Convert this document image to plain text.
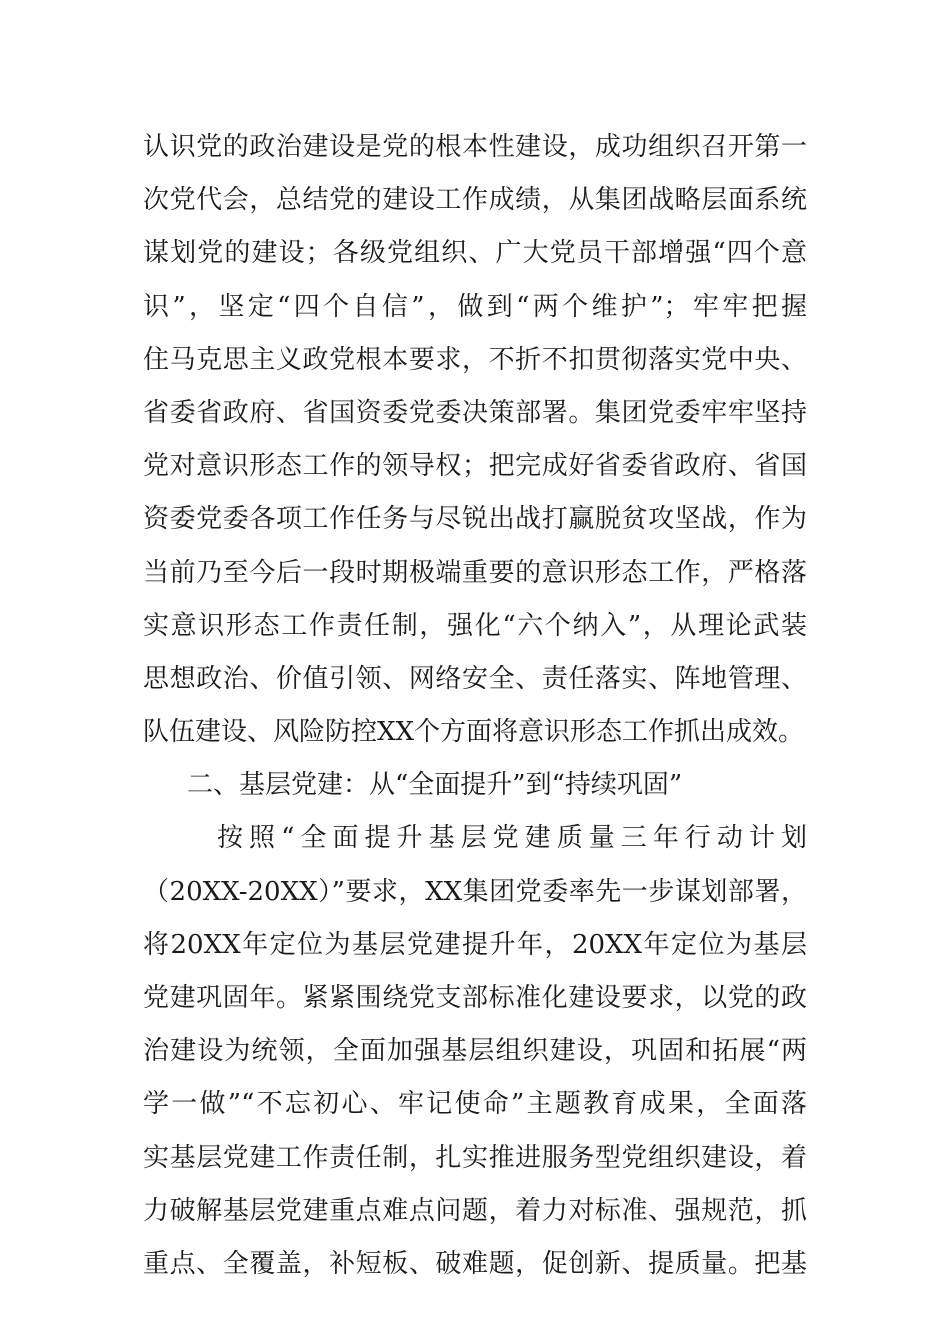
认识党的政治建设是党的根本性建设，成功组织召开第一
次党代会，总结党的建设工作成绩，从集团战略层面系统
谋划党的建设；各级党组织、广大党员干部增强“四个意
识”，坚定“四个自信”，做到“两个维护”；牢牢把握
住马克思主义政党根本要求，不折不扣贯彻落实党中央、
省委省政府、省国资委党委决策部署。集团党委牢牢坚持
党对意识形态工作的领导权；把完成好省委省政府、省国
资委党委各项工作任务与尽锐出战打赢脱贫攻坚战，作为
当前乃至今后一段时期极端重要的意识形态工作，严格落
实意识形态工作责任制，强化“六个纳入”，从理论武装
思想政治、价值引领、网络安全、责任落实、阵地管理、
队伍建设、风险防控XX个方面将意识形态工作抓出成效。
二、基层党建：从“全面提升”到“持续巩固”
按照“全面提升基层党建质量三年行动计划
（20XX-20XX）”要求，XX集团党委率先一步谋划部署，
将20XX年定位为基层党建提升年，20XX年定位为基层
党建巩固年。紧紧围绕党支部标准化建设要求，以党的政
治建设为统领，全面加强基层组织建设，巩固和拓展“两
学一做”“不忘初心、牢记使命”主题教育成果，全面落
实基层党建工作责任制，扎实推进服务型党组织建设，着
力破解基层党建重点难点问题，着力对标准、强规范，抓
重点、全覆盖，补短板、破难题，促创新、提质量。把基
